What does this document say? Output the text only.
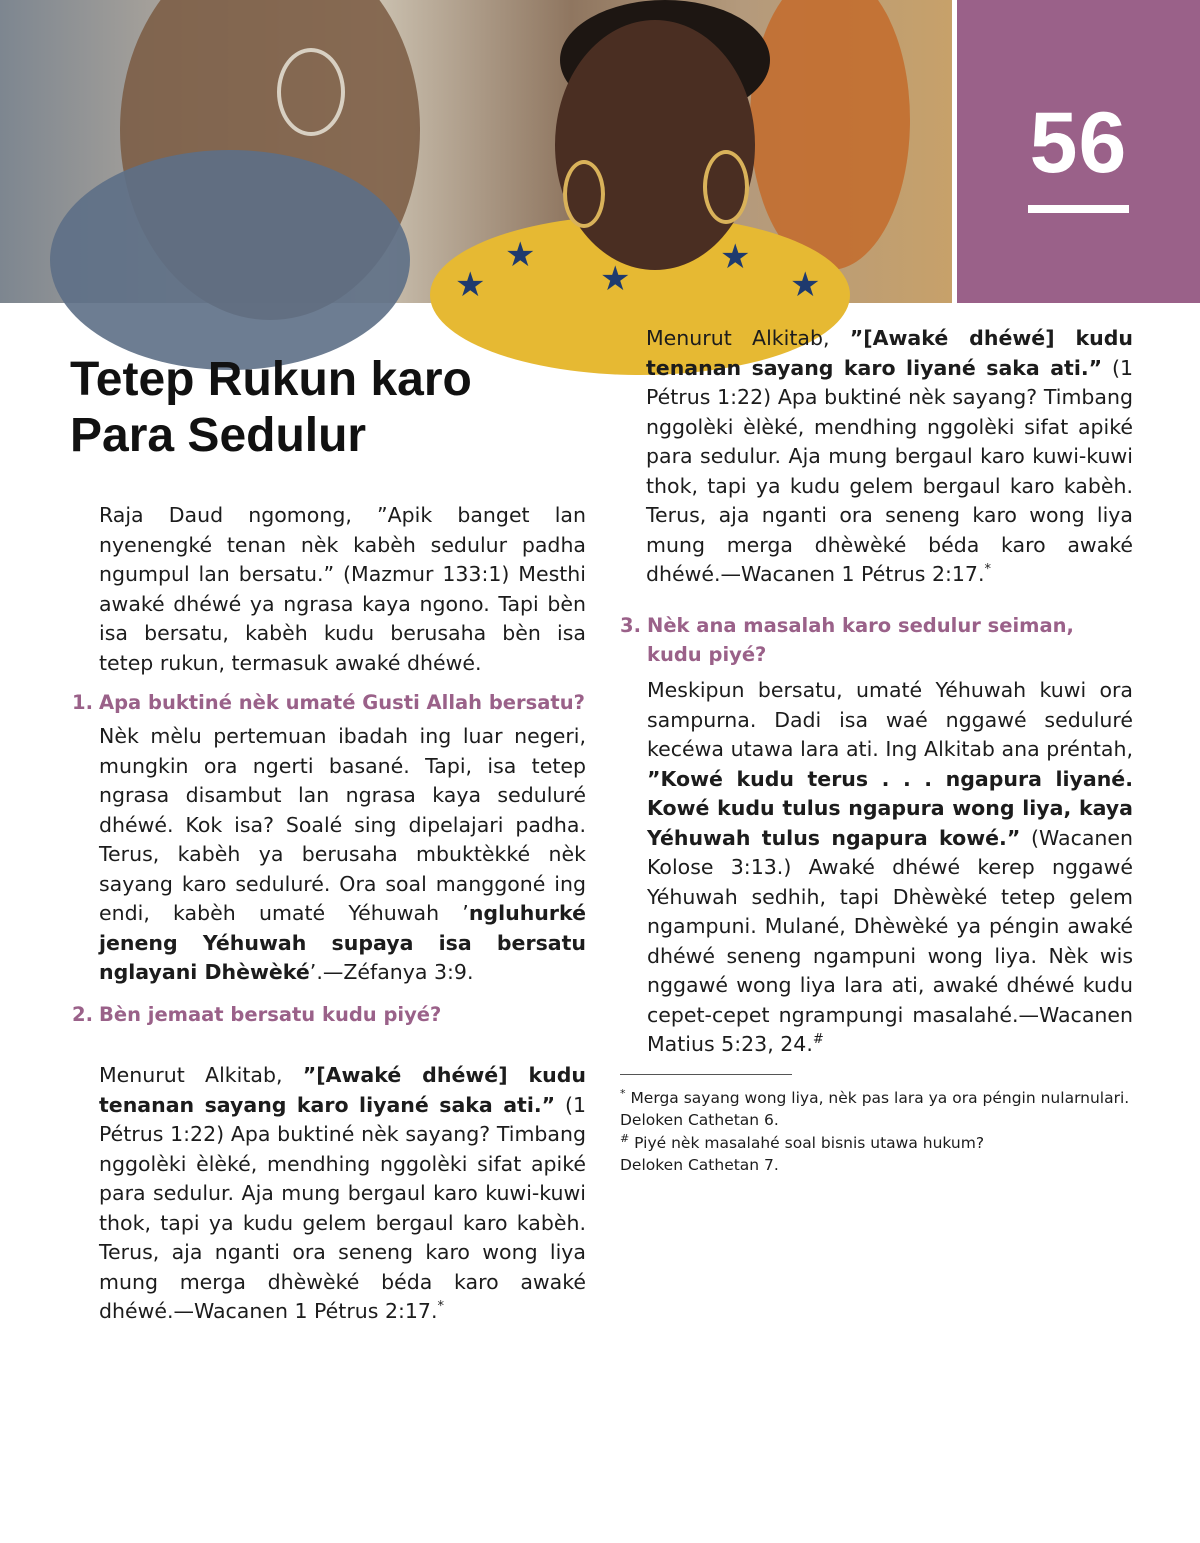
★
★
★
★
★
56
Tetep Rukun karo
Para Sedulur

Raja Daud ngomong, ”Apik banget lan nyenengké tenan nèk kabèh sedulur padha ngumpul lan bersatu.” (Mazmur 133:1) Mesthi awaké dhéwé ya ngrasa kaya ngono. Tapi bèn isa bersatu, kabèh kudu berusaha bèn isa tetep rukun, termasuk awaké dhéwé.

1. Apa buktiné nèk umaté Gusti Allah bersatu?

Nèk mèlu pertemuan ibadah ing luar negeri, mungkin ora ngerti basané. Tapi, isa tetep ngrasa disambut lan ngrasa kaya seduluré dhéwé. Kok isa? Soalé sing dipelajari padha. Terus, kabèh ya berusaha mbuktèkké nèk sayang karo seduluré. Ora soal manggoné ing endi, kabèh umaté Yéhuwah ’ngluhurké jeneng Yéhuwah supaya isa bersatu nglayani Dhèwèké’.—Zéfanya 3:9.

2. Bèn jemaat bersatu kudu piyé?

Menurut Alkitab, ”[Awaké dhéwé] kudu tenanan sayang karo liyané saka ati.” (1 Pétrus 1:22) Apa buktiné nèk sayang? Timbang nggolèki èlèké, mendhing nggolèki sifat apiké para sedulur. Aja mung bergaul karo kuwi-kuwi thok, tapi ya kudu gelem bergaul karo kabèh. Terus, aja nganti ora seneng karo wong liya mung merga dhèwèké béda karo awaké dhéwé.—Wacanen 1 Pétrus 2:17.*

Menurut Alkitab, ”[Awaké dhéwé] kudu tenanan sayang karo liyané saka ati.” (1 Pétrus 1:22) Apa buktiné nèk sayang? Timbang nggolèki èlèké, mendhing nggolèki sifat apiké para sedulur. Aja mung bergaul karo kuwi-kuwi thok, tapi ya kudu gelem bergaul karo kabèh. Terus, aja nganti ora seneng karo wong liya mung merga dhèwèké béda karo awaké dhéwé.—Wacanen 1 Pétrus 2:17.*

3. Nèk ana masalah karo sedulur seiman,
kudu piyé?

Meskipun bersatu, umaté Yéhuwah kuwi ora sampurna. Dadi isa waé nggawé seduluré kecéwa utawa lara ati. Ing Alkitab ana préntah, ”Kowé kudu terus . . . ngapura liyané. Kowé kudu tulus ngapura wong liya, kaya Yéhuwah tulus ngapura kowé.” (Wacanen Kolose 3:13.) Awaké dhéwé kerep nggawé Yéhuwah sedhih, tapi Dhèwèké tetep gelem ngampuni. Mulané, Dhèwèké ya péngin awaké dhéwé seneng ngampuni wong liya. Nèk wis nggawé wong liya lara ati, awaké dhéwé kudu cepet-cepet ngrampungi masalahé.—Wacanen Matius 5:23, 24.#

* Merga sayang wong liya, nèk pas lara ya ora péngin nularnulari. Deloken Cathetan 6.

# Piyé nèk masalahé soal bisnis utawa hukum?
Deloken Cathetan 7.
